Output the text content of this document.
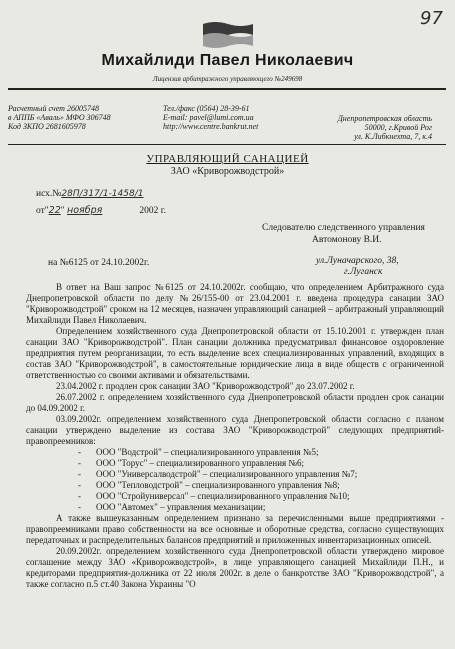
97
Михайлиди Павел Николаевич
Лицензия арбитражного управляющего №249698
Расчетный счет 26005748
в АППБ «Аваль» МФО 306748
Код ЗКПО 2681605978
Тел./факс (0564) 28-39-61
E-mail: pavel@lumi.com.ua
http://www.centre.bankrut.net
Днепропетровская область
50000, г.Кривой Рог
ул. К.Либкнехта, 7, к.4
УПРАВЛЯЮЩИЙ САНАЦИЕЙ
ЗАО «Криворожводстрой»
исх.№28П/317/1-1458/1
от"22" ноября	2002 г.
на №6125 от 24.10.2002г.
Следователю следственного управления
Автомонову В.И.
ул.Луначарского, 38,
г.Луганск

В ответ на Ваш запрос №6125 от 24.10.2002г. сообщаю, что определением Арбитражного суда Днепропетровской области по делу №26/155-00 от 23.04.2001 г. введена процедура санации ЗАО "Криворожводстрой" сроком на 12 месяцев, назначен управляющий санацией – арбитражный управляющий Михайлиди Павел Николаевич.

Определением хозяйственного суда Днепропетровской области от 15.10.2001 г. утвержден план санации ЗАО "Криворожводстрой". План санации должника предусматривал финансовое оздоровление предприятия путем реорганизации, то есть выделение всех специализированных управлений, входящих в состав ЗАО "Криворожводстрой", в самостоятельные юридические лица в виде обществ с ограниченной ответственностью со своими активами и обязательствами.

23.04.2002 г. продлен срок санации ЗАО "Криворожводстрой" до 23.07.2002 г.

26.07.2002 г. определением хозяйственного суда Днепропетровской области продлен срок санации до 04.09.2002 г.

03.09.2002г. определением хозяйственного суда Днепропетровской области согласно с планом санации утверждено выделение из состава ЗАО "Криворожводстрой" следующих предприятий-правопреемников:

- ООО "Водстрой" – специализированного управления №5;
- ООО "Торус" – специализированного управления №6;
- ООО "Универсалводстрой" – специализированного управления №7;
- ООО "Тепловодстрой" – специализированного управления №8;
- ООО "Стройуниверсал" – специализированного управления №10;
- ООО "Автомех" – управления механизации;

А также вышеуказанным определением признано за перечисленными выше предприятиями - правопреемниками право собственности на все основные и оборотные средства, согласно существующих передаточных и распределительных балансов предприятий и приложенных инвентаризационных описей.

20.09.2002г. определением хозяйственного суда Днепропетровской области утверждено мировое соглашение между ЗАО «Криворожводстрой», в лице управляющего санацией Михайлиди П.Н., и кредиторами предприятия-должника от 22 июля 2002г. в деле о банкротстве ЗАО "Криворожводстрой", а также согласно п.5 ст.40 Закона Украины "О
